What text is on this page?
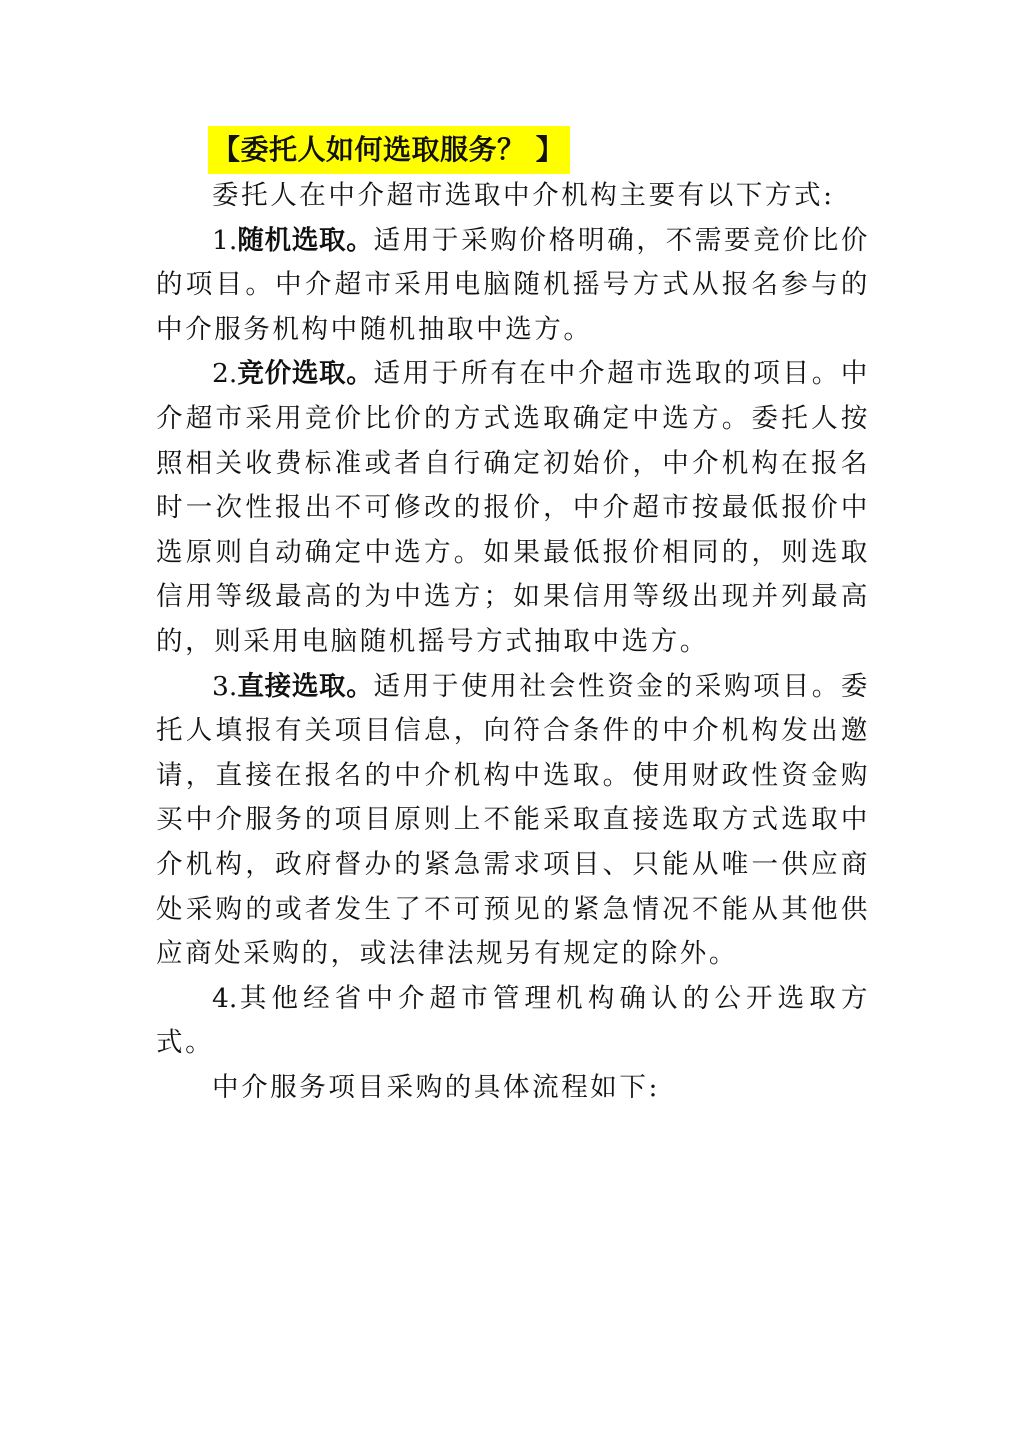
【委托人如何选取服务？ 】

委托人在中介超市选取中介机构主要有以下方式:

1.随机选取。适用于采购价格明确，不需要竞价比价的项目。中介超市采用电脑随机摇号方式从报名参与的中介服务机构中随机抽取中选方。

2.竞价选取。适用于所有在中介超市选取的项目。中介超市采用竞价比价的方式选取确定中选方。委托人按照相关收费标准或者自行确定初始价，中介机构在报名时一次性报出不可修改的报价，中介超市按最低报价中选原则自动确定中选方。如果最低报价相同的，则选取信用等级最高的为中选方；如果信用等级出现并列最高的，则采用电脑随机摇号方式抽取中选方。

3.直接选取。适用于使用社会性资金的采购项目。委托人填报有关项目信息，向符合条件的中介机构发出邀请，直接在报名的中介机构中选取。使用财政性资金购买中介服务的项目原则上不能采取直接选取方式选取中介机构，政府督办的紧急需求项目、只能从唯一供应商处采购的或者发生了不可预见的紧急情况不能从其他供应商处采购的，或法律法规另有规定的除外。

4.其他经省中介超市管理机构确认的公开选取方式。

中介服务项目采购的具体流程如下:
